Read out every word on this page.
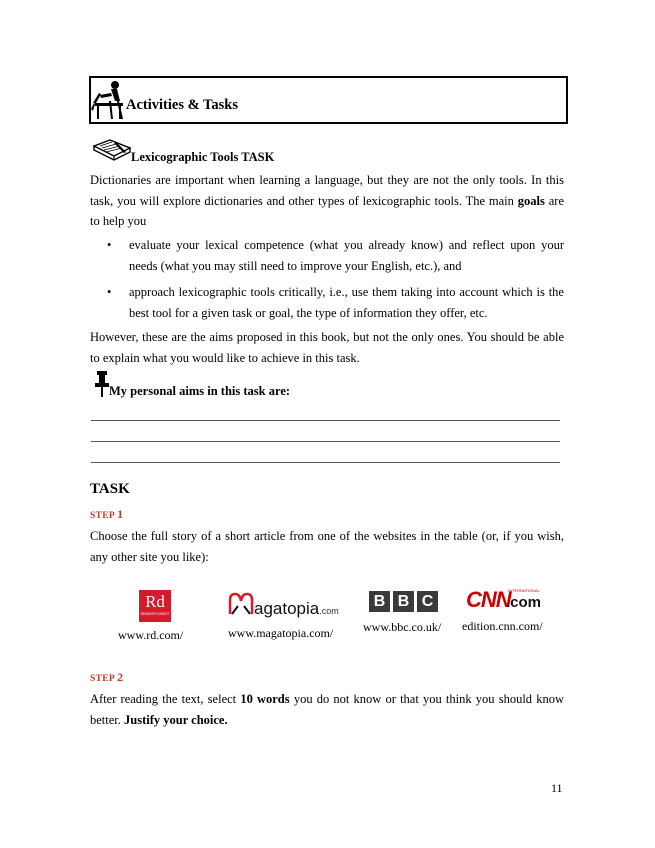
Activities & Tasks
Lexicographic Tools TASK
Dictionaries are important when learning a language, but they are not the only tools. In this task, you will explore dictionaries and other types of lexicographic tools. The main goals are to help you
• evaluate your lexical competence (what you already know) and reflect upon your needs (what you may still need to improve your English, etc.), and
• approach lexicographic tools critically, i.e., use them taking into account which is the best tool for a given task or goal, the type of information they offer, etc.
However, these are the aims proposed in this book, but not the only ones. You should be able to explain what you would like to achieve in this task.
My personal aims in this task are:
TASK
STEP 1
Choose the full story of a short article from one of the websites in the table (or, if you wish, any other site you like):
Rd
READER'S DIGEST
www.rd.com/
agatopia.com
www.magatopia.com/
B B C
www.bbc.co.uk/
CNN
INTERNATIONAL
.com
edition.cnn.com/
STEP 2
After reading the text, select 10 words you do not know or that you think you should know better. Justify your choice.
11
